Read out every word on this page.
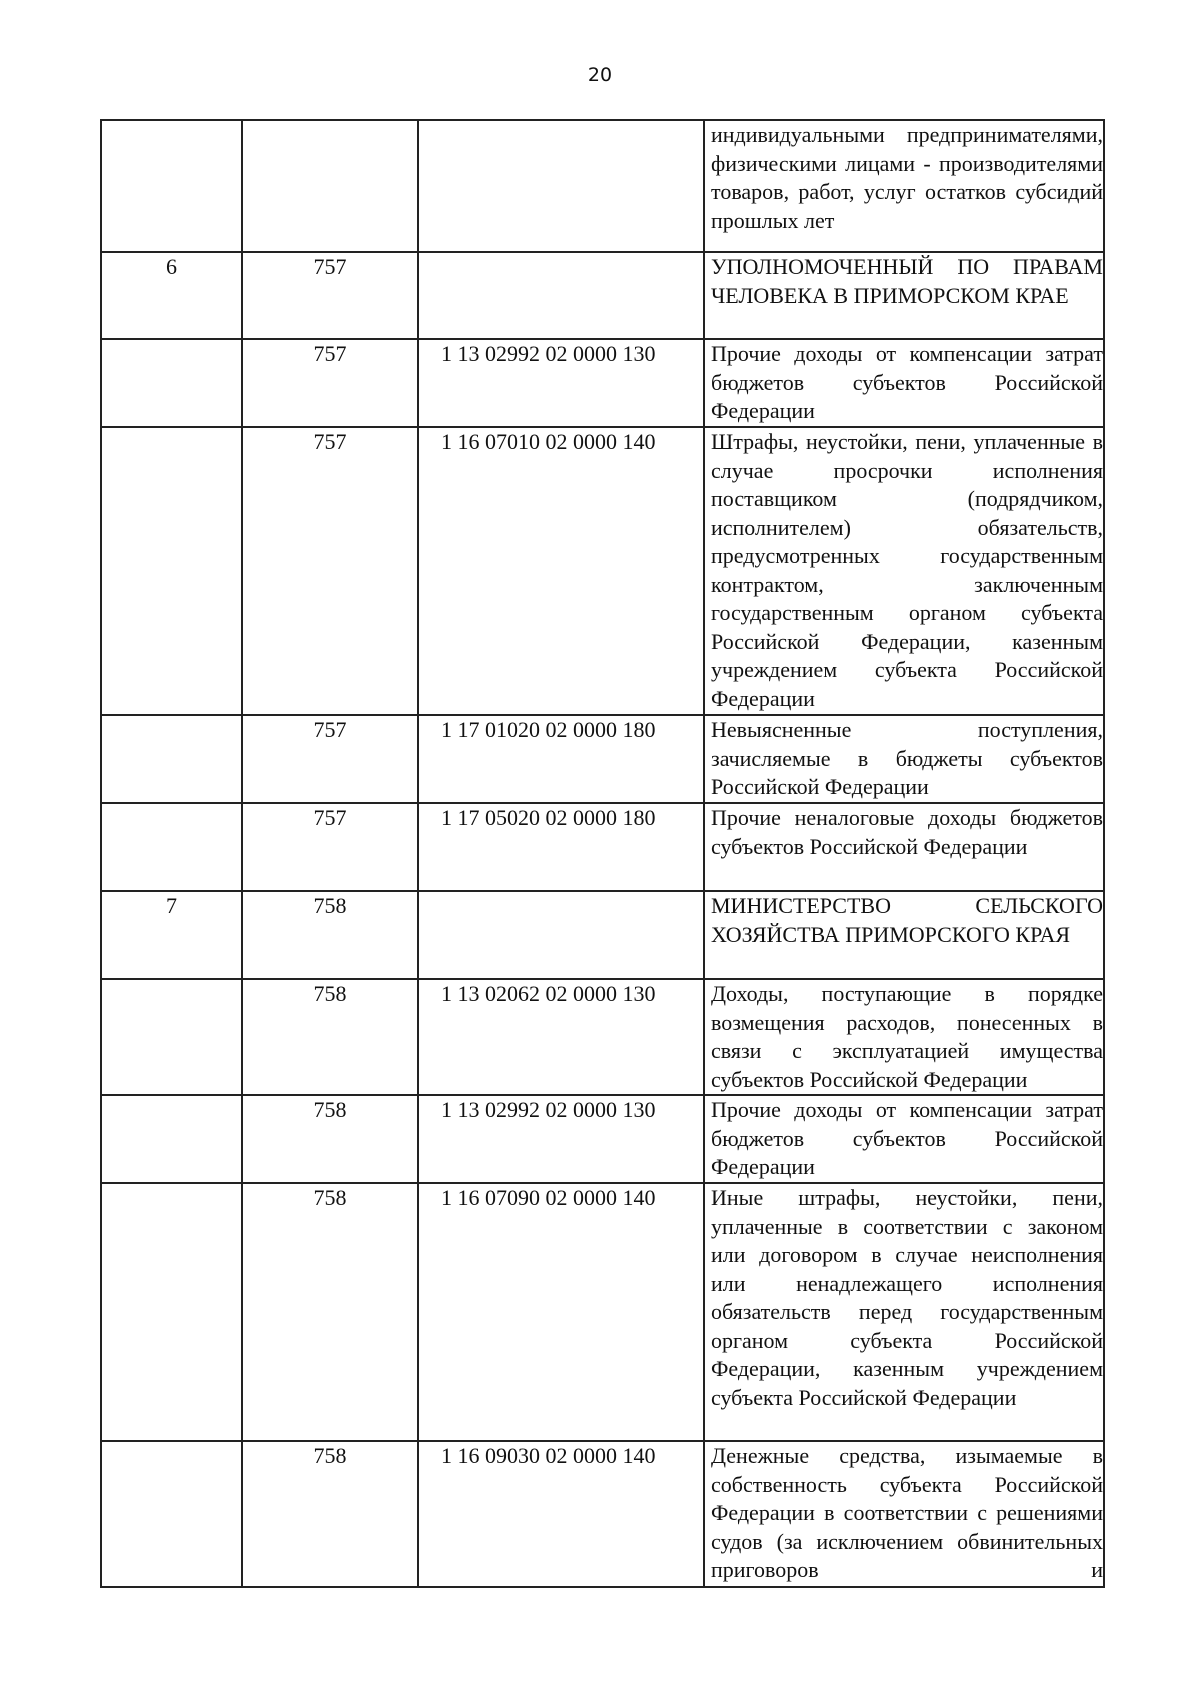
20
			индивидуальными предпринимателями, физическими лицами - производителями товаров, работ, услуг остатков субсидий прошлых лет
6	757		УПОЛНОМОЧЕННЫЙ ПО ПРАВАМ ЧЕЛОВЕКА В ПРИМОРСКОМ КРАЕ
	757	1 13 02992 02 0000 130	Прочие доходы от компенсации затрат бюджетов субъектов Российской Федерации
	757	1 16 07010 02 0000 140	Штрафы, неустойки, пени, уплаченные в случае просрочки исполнения поставщиком (подрядчиком, исполнителем) обязательств, предусмотренных государственным контрактом, заключенным государственным органом субъекта Российской Федерации, казенным учреждением субъекта Российской Федерации
	757	1 17 01020 02 0000 180	Невыясненные поступления, зачисляемые в бюджеты субъектов Российской Федерации
	757	1 17 05020 02 0000 180	Прочие неналоговые доходы бюджетов субъектов Российской Федерации
7	758		МИНИСТЕРСТВО СЕЛЬСКОГО ХОЗЯЙСТВА ПРИМОРСКОГО КРАЯ
	758	1 13 02062 02 0000 130	Доходы, поступающие в порядке возмещения расходов, понесенных в связи с эксплуатацией имущества субъектов Российской Федерации
	758	1 13 02992 02 0000 130	Прочие доходы от компенсации затрат бюджетов субъектов Российской Федерации
	758	1 16 07090 02 0000 140	Иные штрафы, неустойки, пени, уплаченные в соответствии с законом или договором в случае неисполнения или ненадлежащего исполнения обязательств перед государственным органом субъекта Российской Федерации, казенным учреждением субъекта Российской Федерации
	758	1 16 09030 02 0000 140	Денежные средства, изымаемые в собственность субъекта Российской Федерации в соответствии с решениями судов (за исключением обвинительных приговоров и
